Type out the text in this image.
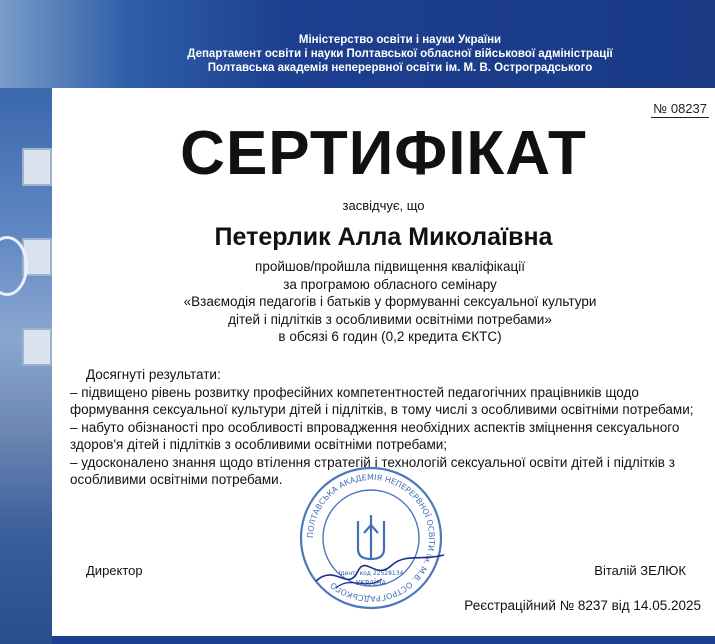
Міністерство освіти і науки України
Департамент освіти і науки Полтавської обласної військової адміністрації
Полтавська академія неперервної освіти ім. М. В. Остроградського
№ 08237
СЕРТИФІКАТ
засвідчує, що
Петерлик Алла Миколаївна
пройшов/пройшла підвищення кваліфікації
за програмою обласного семінару
«Взаємодія педагогів і батьків у формуванні сексуальної культури
дітей і підлітків з особливими освітніми потребами»
в обсязі 6 годин (0,2 кредита ЄКТС)
Досягнуті результати:
– підвищено рівень розвитку професійних компетентностей педагогічних працівників щодо формування сексуальної культури дітей і підлітків, в тому числі з особливими освітніми потребами;
– набуто обізнаності про особливості впровадження необхідних аспектів зміцнення сексуального здоров'я дітей і підлітків з особливими освітніми потребами;
– удосконалено знання щодо втілення стратегій і технологій сексуальної освіти дітей і підлітків з особливими освітніми потребами.
Директор	Віталій ЗЕЛЮК
Реєстраційний № 8237 від 14.05.2025
ПОЛТАВСЬКА АКАДЕМІЯ НЕПЕРЕРВНОЇ ОСВІТИ ім. М.В. ОСТРОГРАДСЬКОГО
Ідент. код 22528134
УКРАЇНА
